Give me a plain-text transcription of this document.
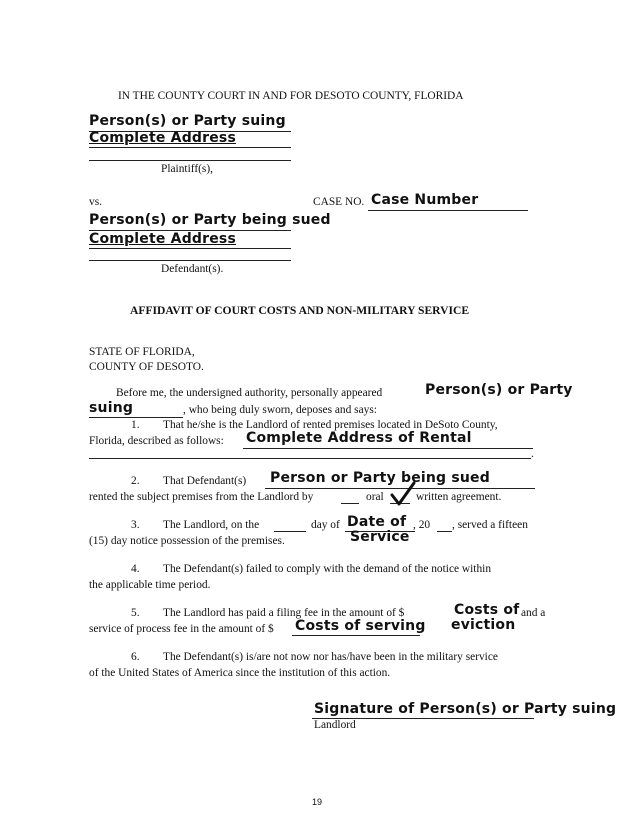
IN THE COUNTY COURT IN AND FOR DESOTO COUNTY, FLORIDA
Person(s) or Party suing
Complete Address
Plaintiff(s),
vs.	CASE NO. Case Number
Person(s) or Party being sued
Complete Address
Defendant(s).
AFFIDAVIT OF COURT COSTS AND NON-MILITARY SERVICE
STATE OF FLORIDA,
COUNTY OF DESOTO.
Before me, the undersigned authority, personally appeared	Person(s) or Party
suing	, who being duly sworn, deposes and says:
1. That he/she is the Landlord of rented premises located in DeSoto County,
Florida, described as follows: Complete Address of Rental
.
2. That Defendant(s) Person or Party being sued
rented the subject premises from the Landlord by	oral	written agreement.
3. The Landlord, on the	day of Date of , 20 , served a fifteen
(15) day notice possession of the premises.	Service
4. The Defendant(s) failed to comply with the demand of the notice within
the applicable time period.
5. The Landlord has paid a filing fee in the amount of $	Costs of and a
service of process fee in the amount of $ Costs of serving eviction
6. The Defendant(s) is/are not now nor has/have been in the military service
of the United States of America since the institution of this action.
Signature of Person(s) or Party suing
Landlord
19
